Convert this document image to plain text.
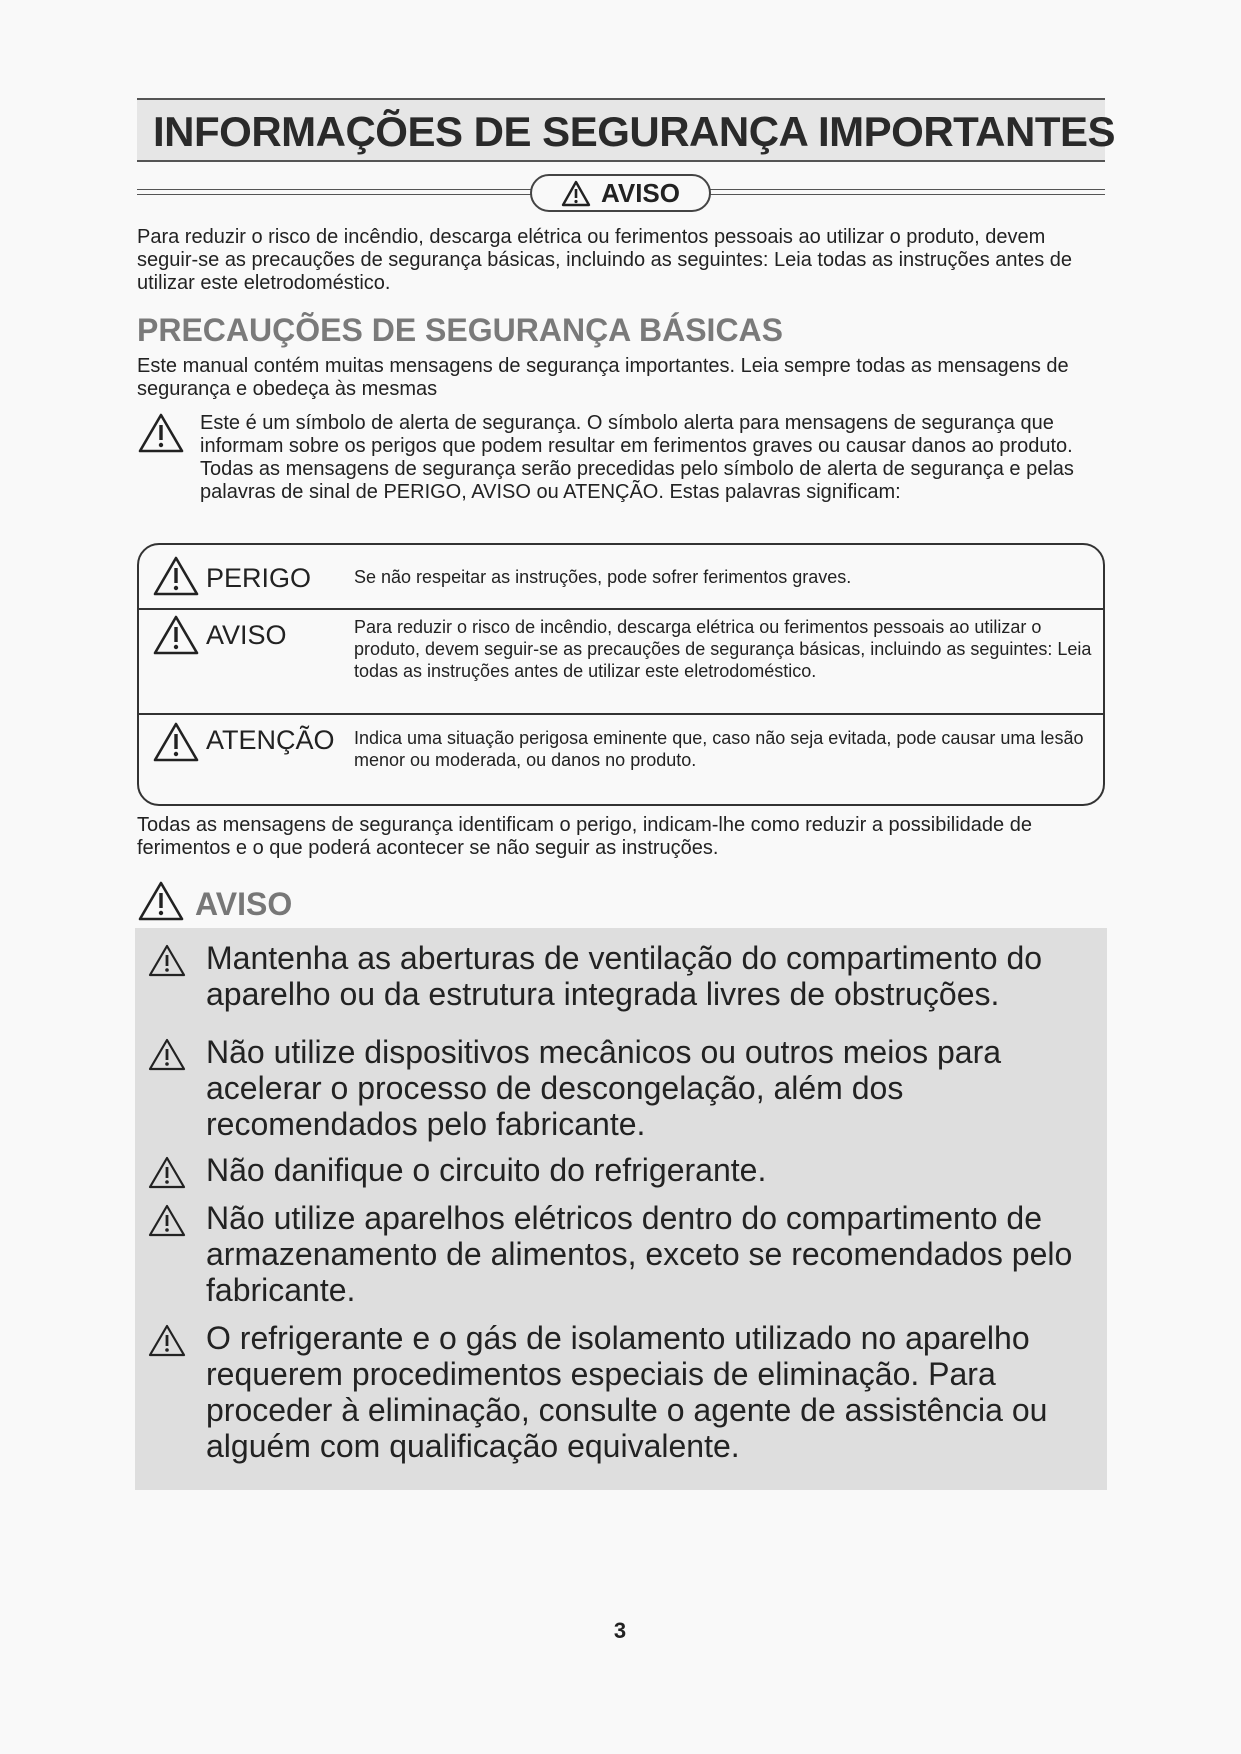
INFORMAÇÕES DE SEGURANÇA IMPORTANTES
AVISO
Para reduzir o risco de incêndio, descarga elétrica ou ferimentos pessoais ao utilizar o produto, devem seguir-se as precauções de segurança básicas, incluindo as seguintes: Leia todas as instruções antes de utilizar este eletrodoméstico.
PRECAUÇÕES DE SEGURANÇA BÁSICAS
Este manual contém muitas mensagens de segurança importantes. Leia sempre todas as mensagens de segurança e obedeça às mesmas
Este é um símbolo de alerta de segurança. O símbolo alerta para mensagens de segurança que informam sobre os perigos que podem resultar em ferimentos graves ou causar danos ao produto. Todas as mensagens de segurança serão precedidas pelo símbolo de alerta de segurança e pelas palavras de sinal de PERIGO, AVISO ou ATENÇÃO. Estas palavras significam:
PERIGO Se não respeitar as instruções, pode sofrer ferimentos graves.
AVISO	Para reduzir o risco de incêndio, descarga elétrica ou ferimentos pessoais ao utilizar o produto, devem seguir-se as precauções de segurança básicas, incluindo as seguintes: Leia todas as instruções antes de utilizar este eletrodoméstico.
ATENÇÃO Indica uma situação perigosa eminente que, caso não seja evitada, pode causar uma lesão menor ou moderada, ou danos no produto.
Todas as mensagens de segurança identificam o perigo, indicam-lhe como reduzir a possibilidade de ferimentos e o que poderá acontecer se não seguir as instruções.
AVISO
Mantenha as aberturas de ventilação do compartimento do aparelho ou da estrutura integrada livres de obstruções.
Não utilize dispositivos mecânicos ou outros meios para acelerar o processo de descongelação, além dos recomendados pelo fabricante.
Não danifique o circuito do refrigerante.
Não utilize aparelhos elétricos dentro do compartimento de armazenamento de alimentos, exceto se recomendados pelo fabricante.
O refrigerante e o gás de isolamento utilizado no aparelho requerem procedimentos especiais de eliminação. Para proceder à eliminação, consulte o agente de assistência ou alguém com qualificação equivalente.
3
